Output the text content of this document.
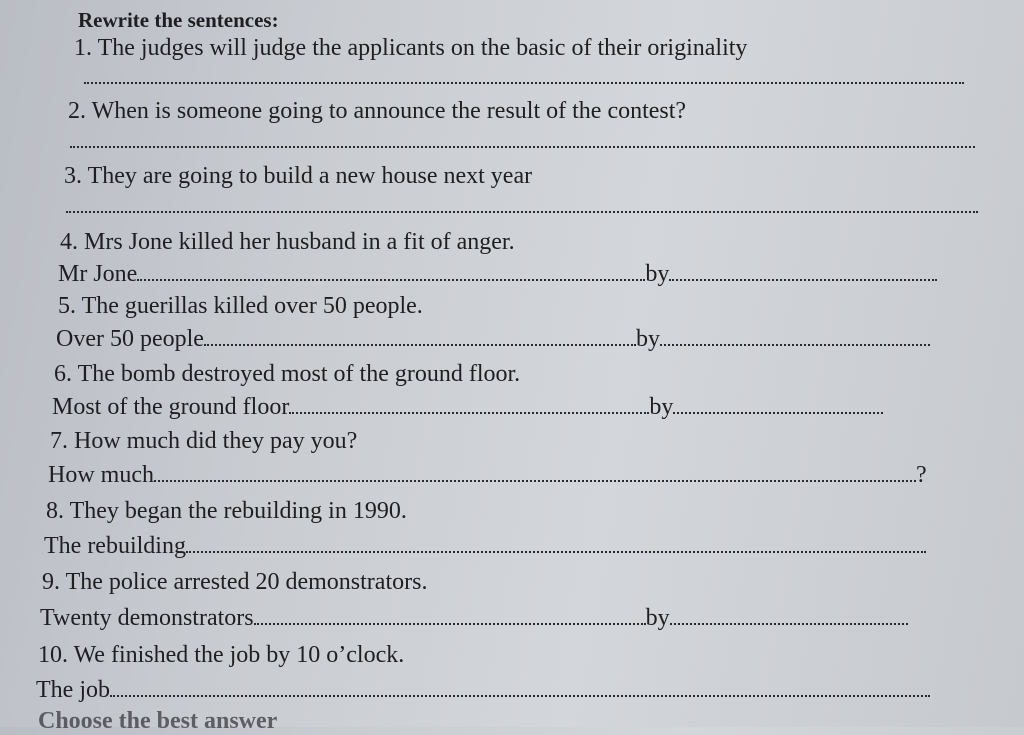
Rewrite the sentences:
1. The judges will judge the applicants on the basic of their originality
2. When is someone going to announce the result of the contest?
3. They are going to build a new house next year
4. Mrs Jone killed her husband in a fit of anger.
Mr Jone	by
5. The guerillas killed over 50 people.
Over 50 people	by
6. The bomb destroyed most of the ground floor.
Most of the ground floor	by
7. How much did they pay you?
How much	?
8. They began the rebuilding in 1990.
The rebuilding
9. The police arrested 20 demonstrators.
Twenty demonstrators	by
10. We finished the job by 10 o’clock.
The job
Choose the best answer
